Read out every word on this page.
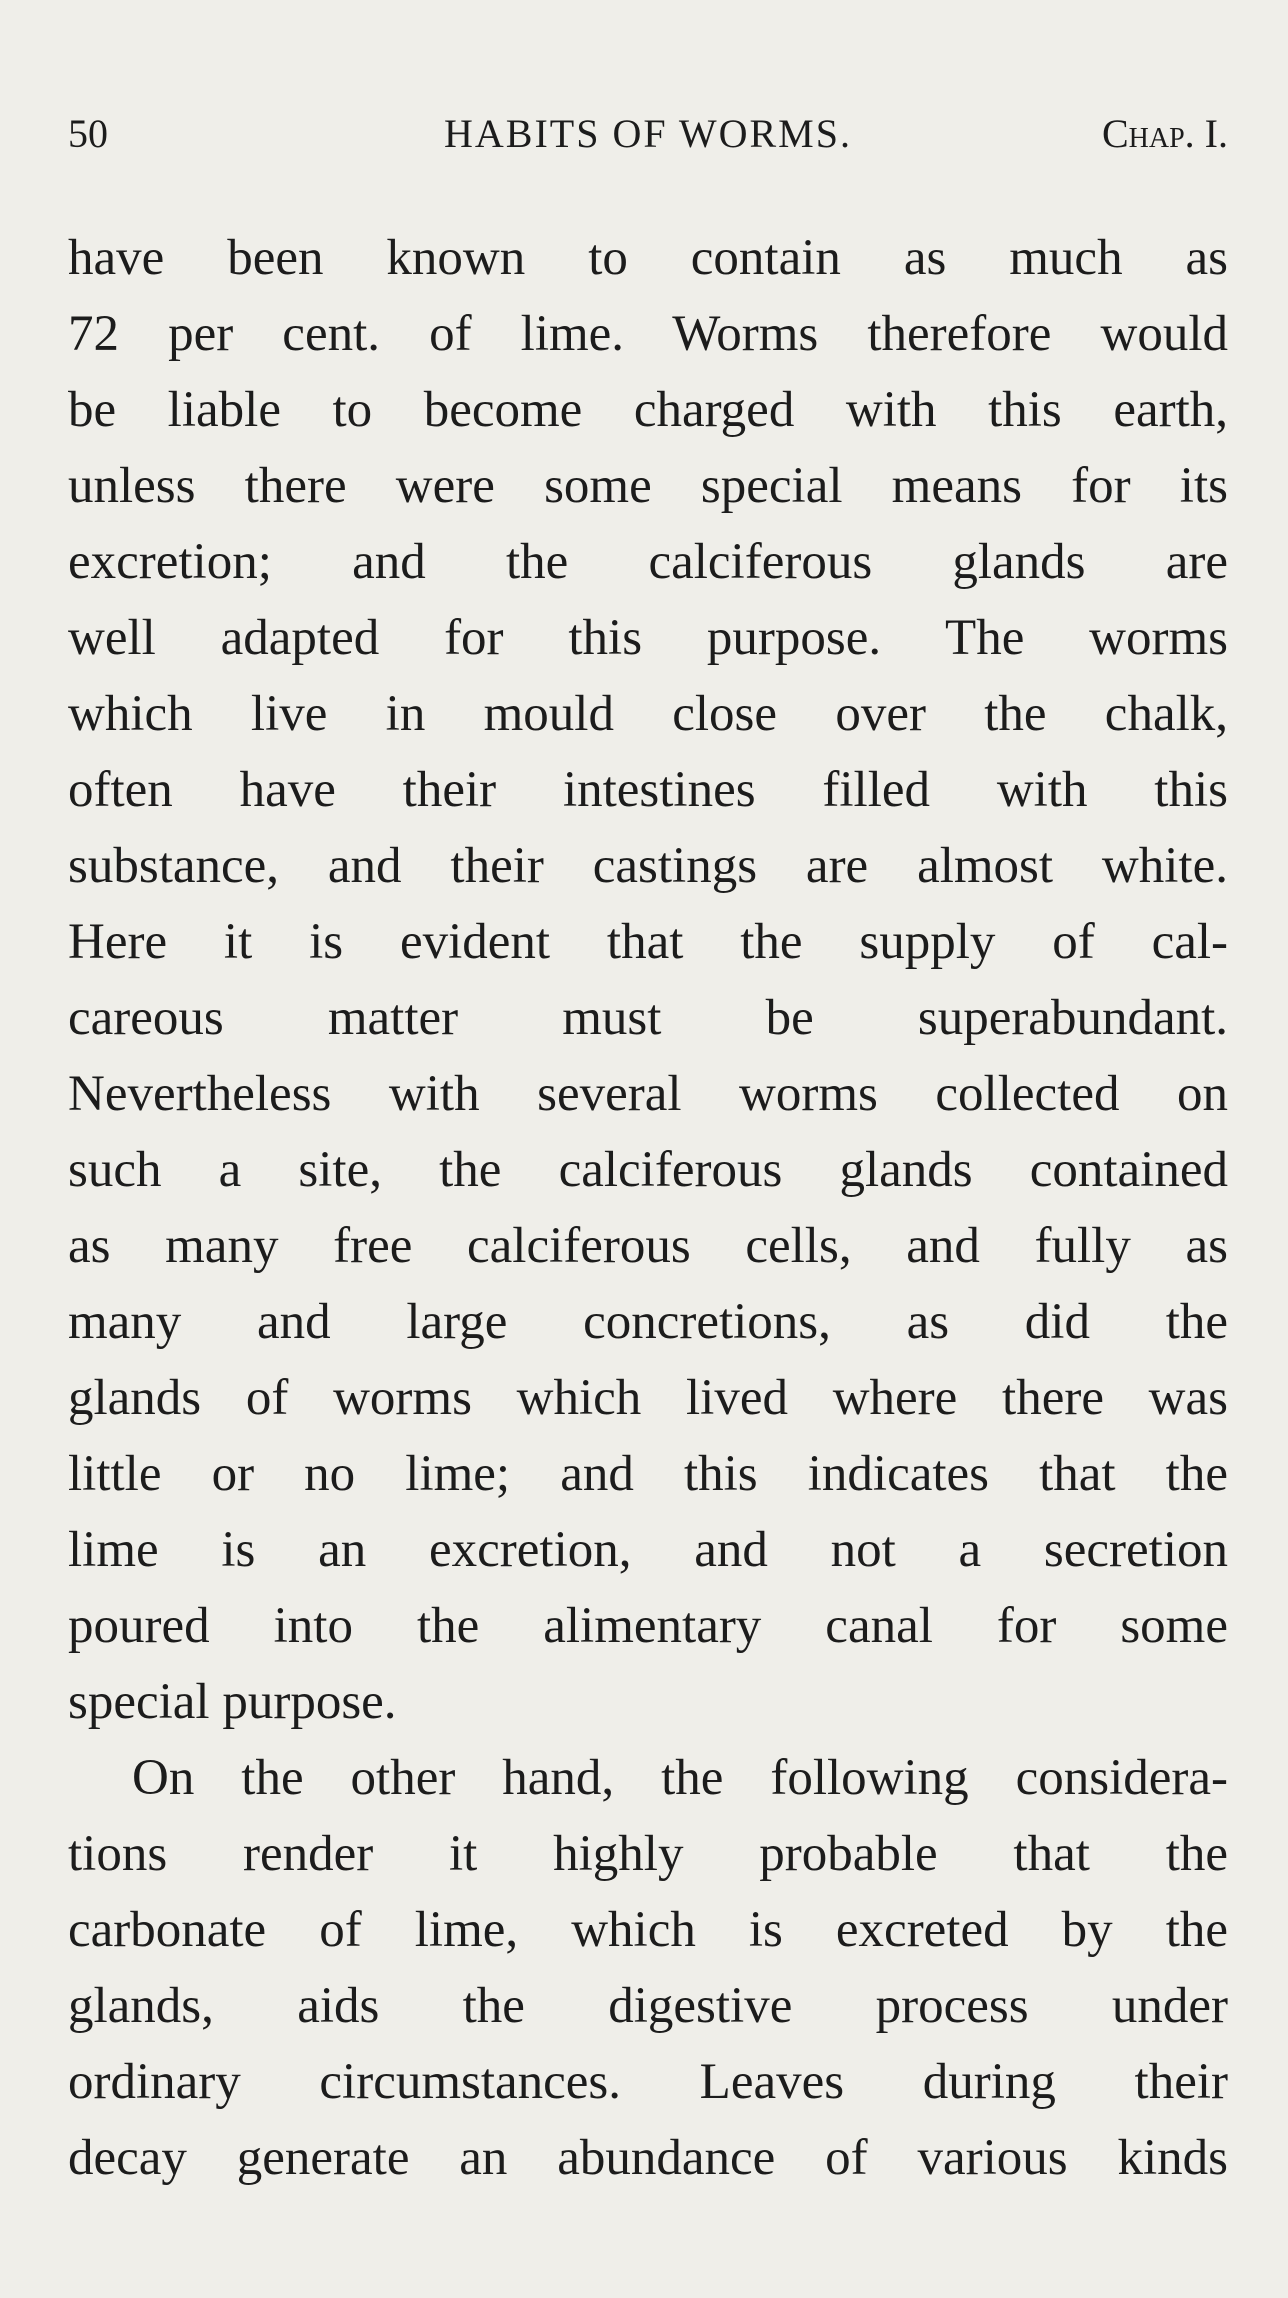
50	HABITS OF WORMS.	Chap. I.
have been known to contain as much as
72 per cent. of lime. Worms therefore would
be liable to become charged with this earth,
unless there were some special means for its
excretion; and the calciferous glands are
well adapted for this purpose. The worms
which live in mould close over the chalk,
often have their intestines filled with this
substance, and their castings are almost white.
Here it is evident that the supply of cal-
careous matter must be superabundant.
Nevertheless with several worms collected on
such a site, the calciferous glands contained
as many free calciferous cells, and fully as
many and large concretions, as did the
glands of worms which lived where there was
little or no lime; and this indicates that the
lime is an excretion, and not a secretion
poured into the alimentary canal for some
special purpose.
On the other hand, the following considera-
tions render it highly probable that the
carbonate of lime, which is excreted by the
glands, aids the digestive process under
ordinary circumstances. Leaves during their
decay generate an abundance of various kinds
